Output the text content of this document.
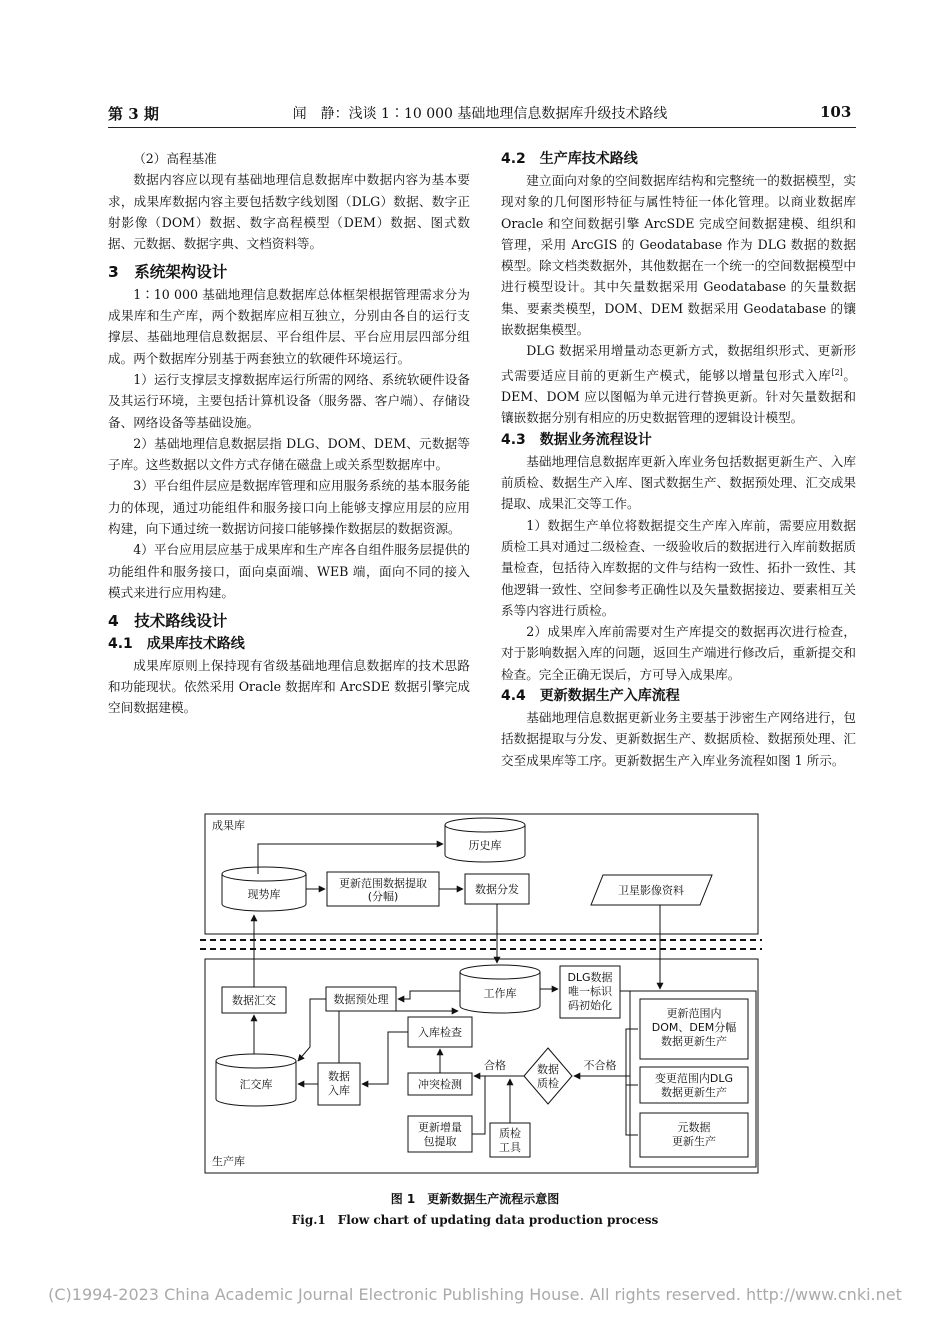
第 3 期	闻　静：浅谈 1∶10 000 基础地理信息数据库升级技术路线	103

（2）高程基准

数据内容应以现有基础地理信息数据库中数据内容为基本要求，成果库数据内容主要包括数字线划图（DLG）数据、数字正射影像（DOM）数据、数字高程模型（DEM）数据、图式数据、元数据、数据字典、文档资料等。

3　系统架构设计

1∶10 000 基础地理信息数据库总体框架根据管理需求分为成果库和生产库，两个数据库应相互独立，分别由各自的运行支撑层、基础地理信息数据层、平台组件层、平台应用层四部分组成。两个数据库分别基于两套独立的软硬件环境运行。

1）运行支撑层支撑数据库运行所需的网络、系统软硬件设备及其运行环境，主要包括计算机设备（服务器、客户端）、存储设备、网络设备等基础设施。

2）基础地理信息数据层指 DLG、DOM、DEM、元数据等子库。这些数据以文件方式存储在磁盘上或关系型数据库中。

3）平台组件层应是数据库管理和应用服务系统的基本服务能力的体现，通过功能组件和服务接口向上能够支撑应用层的应用构建，向下通过统一数据访问接口能够操作数据层的数据资源。

4）平台应用层应基于成果库和生产库各自组件服务层提供的功能组件和服务接口，面向桌面端、WEB 端，面向不同的接入模式来进行应用构建。

4　技术路线设计

4.1　成果库技术路线

成果库原则上保持现有省级基础地理信息数据库的技术思路和功能现状。依然采用 Oracle 数据库和 ArcSDE 数据引擎完成空间数据建模。

4.2　生产库技术路线

建立面向对象的空间数据库结构和完整统一的数据模型，实现对象的几何图形特征与属性特征一体化管理。以商业数据库 Oracle 和空间数据引擎 ArcSDE 完成空间数据建模、组织和管理，采用 ArcGIS 的 Geodatabase 作为 DLG 数据的数据模型。除文档类数据外，其他数据在一个统一的空间数据模型中进行模型设计。其中矢量数据采用 Geodatabase 的矢量数据集、要素类模型，DOM、DEM 数据采用 Geodatabase 的镶嵌数据集模型。

DLG 数据采用增量动态更新方式，数据组织形式、更新形式需要适应目前的更新生产模式，能够以增量包形式入库[2]。DEM、DOM 应以图幅为单元进行替换更新。针对矢量数据和镶嵌数据分别有相应的历史数据管理的逻辑设计模型。

4.3　数据业务流程设计

基础地理信息数据库更新入库业务包括数据更新生产、入库前质检、数据生产入库、图式数据生产、数据预处理、汇交成果提取、成果汇交等工作。

1）数据生产单位将数据提交生产库入库前，需要应用数据质检工具对通过二级检查、一级验收后的数据进行入库前数据质量检查，包括待入库数据的文件与结构一致性、拓扑一致性、其他逻辑一致性、空间参考正确性以及矢量数据接边、要素相互关系等内容进行质检。

2）成果库入库前需要对生产库提交的数据再次进行检查，对于影响数据入库的问题，返回生产端进行修改后，重新提交和检查。完全正确无误后，方可导入成果库。

4.4　更新数据生产入库流程

基础地理信息数据更新业务主要基于涉密生产网络进行，包括数据提取与分发、更新数据生产、数据质检、数据预处理、汇交至成果库等工序。更新数据生产入库业务流程如图 1 所示。

成果库
生产库
历史库
现势库
更新范围数据提取
(分幅)
数据分发	卫星影像资料
数据汇交	数据预处理	工作库
DLG数据
唯一标识
码初始化
更新范围内
DOM、DEM分幅
数据更新生产
入库检查
汇交库
数据
入库	冲突检测
合格	数据
质检
不合格
变更范围内DLG
数据更新生产
更新增量
包提取
质检
工具
元数据
更新生产
图 1　更新数据生产流程示意图
Fig.1　Flow chart of updating data production process
(C)1994-2023 China Academic Journal Electronic Publishing House. All rights reserved. http://www.cnki.net
